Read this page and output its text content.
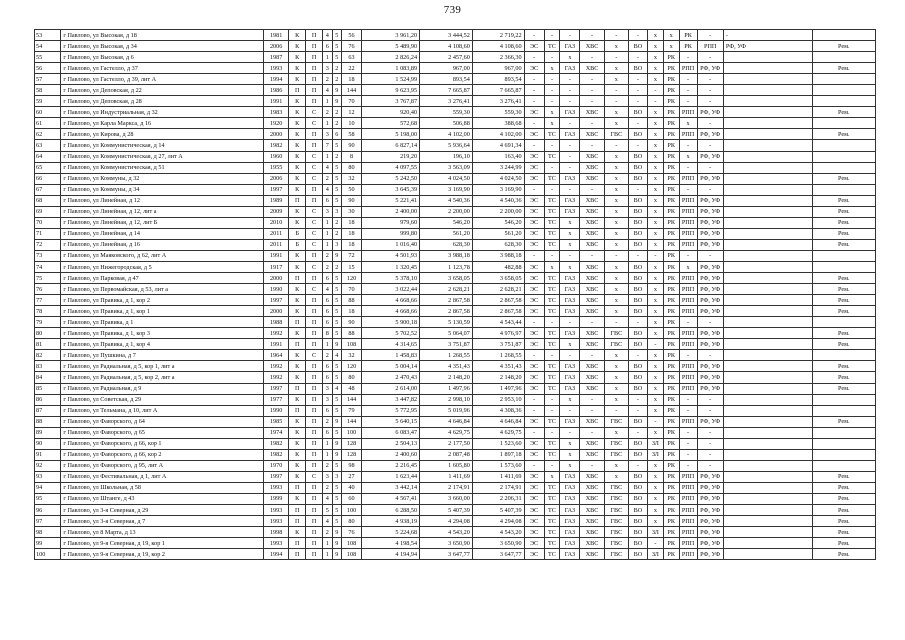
739
53	г Павлово, ул Высокая, д 18	1981	К	П	4	5	56	3 961,20	3 444,52	2 719,22	-	-	-	-	-	-	х	х	РК	-	-	
54	г Павлово, ул Высокая, д 34	2006	К	П	6	5	76	5 489,90	4 108,60	4 108,60	ЭС	ТС	ГАЗ	ХВС	х	ВО	х	х	РК	РПП	РФ, УФ	Рем.
55	г Павлово, ул Высокая, д 6	1987	К	П	1	5	63	2 826,24	2 457,60	2 366,30	-	-	х	-	-	-	х	РК	-	-		
56	г Павлово, ул Гастелло, д 37	1993	К	П	3	2	22	1 083,89	967,00	967,00	ЭС	х	ГАЗ	ХВС	х	ВО	х	РК	РПП	РФ, УФ		Рем.
57	г Павлово, ул Гастелло, д 39, лит А	1994	К	П	2	2	18	1 524,99	893,54	893,54	-	-	-	-	х	-	х	РК	-	-		
58	г Павлово, ул Деповская, д 22	1986	П	П	4	9	144	9 623,95	7 665,87	7 665,87	-	-	-	-	-	-	-	РК	-	-		
59	г Павлово, ул Деповская, д 28	1991	К	П	1	9	70	3 767,87	3 276,41	3 276,41	-	-	-	-	-	-	-	РК	-	-		
60	г Павлово, ул Индустриальная, д 32	1983	К	С	2	2	12	920,40	559,30	559,30	ЭС	х	ГАЗ	ХВС	х	ВО	х	РК	РПП	РФ, УФ		Рем.
61	г Павлово, ул Карла Маркса, д 16	1920	К	С	1	2	10	572,68	506,88	388,68	-	х	-	-	х	-	х	РК	х	-		
62	г Павлово, ул Кирова, д 28	2000	К	П	3	6	58	5 198,00	4 102,00	4 102,00	ЭС	ТС	ГАЗ	ХВС	ГВС	ВО	х	РК	РПП	РФ, УФ		Рем.
63	г Павлово, ул Коммунистическая, д 14	1982	К	П	7	5	90	6 827,14	5 936,64	4 691,34	-	-	-	-	-	-	х	РК	-	-		
64	г Павлово, ул Коммунистическая, д 27, лит А	1960	К	С	1	2	8	219,20	196,10	163,40	ЭС	ТС	-	ХВС	х	ВО	х	РК	х	РФ, УФ		
65	г Павлово, ул Коммунистическая, д 51	1955	К	С	4	5	80	4 097,55	3 563,09	3 244,99	ЭС	-	-	ХВС	х	ВО	х	РК	-	-		
66	г Павлово, ул Коммуны, д 32	2006	К	С	2	5	32	5 242,50	4 024,50	4 024,50	ЭС	ТС	ГАЗ	ХВС	х	ВО	х	РК	РПП	РФ, УФ		Рем.
67	г Павлово, ул Коммуны, д 34	1997	К	П	4	5	50	3 645,39	3 169,90	3 169,90	-	-	-	-	х	-	х	РК	-	-		
68	г Павлово, ул Линейная, д 12	1989	П	П	6	5	90	5 221,41	4 540,36	4 540,36	ЭС	ТС	ГАЗ	ХВС	х	ВО	х	РК	РПП	РФ, УФ		Рем.
69	г Павлово, ул Линейная, д 12, лит а	2009	К	С	3	3	30	2 400,00	2 200,00	2 200,00	ЭС	ТС	ГАЗ	ХВС	х	ВО	х	РК	РПП	РФ, УФ		Рем.
70	г Павлово, ул Линейная, д 12, лит Б	2010	К	С	1	2	18	979,60	546,20	546,20	ЭС	ТС	х	ХВС	х	ВО	х	РК	РПП	РФ, УФ		Рем.
71	г Павлово, ул Линейная, д 14	2011	Б	С	1	2	18	999,80	561,20	561,20	ЭС	ТС	х	ХВС	х	ВО	х	РК	РПП	РФ, УФ		Рем.
72	г Павлово, ул Линейная, д 16	2011	Б	С	1	3	18	1 016,40	628,30	628,30	ЭС	ТС	х	ХВС	х	ВО	х	РК	РПП	РФ, УФ		Рем.
73	г Павлово, ул Маяковского, д 62, лит А	1991	К	П	2	9	72	4 501,93	3 988,18	3 988,18	-	-	-	-	-	-	-	РК	-	-		
74	г Павлово, ул Нижегородская, д 5	1917	К	С	2	2	15	1 320,45	1 123,78	482,88	ЭС	х	х	ХВС	х	ВО	х	РК	х	РФ, УФ		
75	г Павлово, ул Парковая, д 47	2000	П	П	6	5	120	5 378,10	3 658,05	3 658,05	ЭС	ТС	ГАЗ	ХВС	х	ВО	х	РК	РПП	РФ, УФ		Рем.
76	г Павлово, ул Первомайская, д 53, лит а	1990	К	С	4	5	70	3 022,44	2 628,21	2 628,21	ЭС	ТС	ГАЗ	ХВС	х	ВО	х	РК	РПП	РФ, УФ		Рем.
77	г Павлово, ул Правика, д 1, кор 2	1997	К	П	6	5	88	4 668,66	2 867,58	2 867,58	ЭС	ТС	ГАЗ	ХВС	х	ВО	х	РК	РПП	РФ, УФ		Рем.
78	г Павлово, ул Правика, д 1, кор 1	2000	К	П	6	5	18	4 668,66	2 867,58	2 867,58	ЭС	ТС	ГАЗ	ХВС	х	ВО	х	РК	РПП	РФ, УФ		Рем.
79	г Павлово, ул Правика, д 1	1988	П	П	6	5	90	5 900,18	5 130,59	4 543,44	-	-	-	-	-	-	х	РК	-	-		
80	г Павлово, ул Правика, д 1, кор 3	1992	К	П	8	5	88	5 702,52	5 064,07	4 976,97	ЭС	ТС	ГАЗ	ХВС	ГВС	ВО	х	РК	РПП	РФ, УФ		Рем.
81	г Павлово, ул Правика, д 1, кор 4	1991	П	П	1	9	108	4 314,65	3 751,87	3 751,87	ЭС	ТС	х	ХВС	ГВС	ВО	-	РК	РПП	РФ, УФ		Рем.
82	г Павлово, ул Пушкина, д 7	1964	К	С	2	4	32	1 458,83	1 268,55	1 268,55	-	-	-	-	х	-	х	РК	-	-		
83	г Павлово, ул Радиальная, д 5, кор 1, лит а	1992	К	П	6	5	120	5 004,14	4 351,43	4 351,43	ЭС	ТС	ГАЗ	ХВС	х	ВО	х	РК	РПП	РФ, УФ		Рем.
84	г Павлово, ул Радиальная, д 5, кор 2, лит а	1992	К	П	6	5	80	2 470,43	2 148,20	2 148,20	ЭС	ТС	ГАЗ	ХВС	х	ВО	х	РК	РПП	РФ, УФ		Рем.
85	г Павлово, ул Радиальная, д 9	1997	П	П	3	4	48	2 614,00	1 497,96	1 497,96	ЭС	ТС	ГАЗ	ХВС	х	ВО	х	РК	РПП	РФ, УФ		Рем.
86	г Павлово, ул Советская, д 29	1977	К	П	3	5	144	3 447,82	2 998,10	2 953,10	-	-	х	-	х	-	х	РК	-	-		
87	г Павлово, ул Тельмана, д 10, лит А	1990	П	П	6	5	79	5 772,95	5 019,96	4 308,36	-	-	-	-	-	-	х	РК	-	-		
88	г Павлово, ул Фаворского, д 64	1985	К	П	2	9	144	5 640,15	4 646,84	4 646,84	ЭС	ТС	ГАЗ	ХВС	ГВС	ВО	-	РК	РПП	РФ, УФ		Рем.
89	г Павлово, ул Фаворского, д 65	1974	К	П	6	5	100	6 083,47	4 629,75	4 629,75	-	-	-	-	х	-	х	РК	-	-		
90	г Павлово, ул Фаворского, д 66, кор 1	1982	К	П	1	9	128	2 504,13	2 177,50	1 523,60	ЭС	ТС	х	ХВС	ГВС	ВО	ЗЛ	РК	-	-		
91	г Павлово, ул Фаворского, д 66, кор 2	1982	К	П	1	9	128	2 400,60	2 087,48	1 897,18	ЭС	ТС	х	ХВС	ГВС	ВО	ЗЛ	РК	-	-		
92	г Павлово, ул Фаворского, д 95, лит А	1970	К	П	2	5	98	2 216,45	1 605,80	1 573,60	-	-	х	-	х	-	х	РК	-	-		
93	г Павлово, ул Фестивальная, д 1, лит А	1997	К	С	3	3	27	1 623,44	1 411,69	1 411,69	ЭС	х	ГАЗ	ХВС	х	ВО	х	РК	РПП	РФ, УФ		Рем.
94	г Павлово, ул Школьная, д 58	1993	П	П	2	5	40	3 442,14	2 174,91	2 174,91	ЭС	ТС	ГАЗ	ХВС	ГВС	ВО	х	РК	РПП	РФ, УФ		Рем.
95	г Павлово, ул Штанге, д 43	1999	К	П	4	5	60	4 567,41	3 660,00	2 206,31	ЭС	ТС	ГАЗ	ХВС	ГВС	ВО	х	РК	РПП	РФ, УФ		Рем.
96	г Павлово, ул 3-я Северная, д 29	1993	П	П	5	5	100	6 288,50	5 407,39	5 407,39	ЭС	ТС	ГАЗ	ХВС	ГВС	ВО	х	РК	РПП	РФ, УФ		Рем.
97	г Павлово, ул 3-я Северная, д 7	1993	П	П	4	5	80	4 938,19	4 294,08	4 294,08	ЭС	ТС	ГАЗ	ХВС	ГВС	ВО	х	РК	РПП	РФ, УФ		Рем.
98	г Павлово, ул 8 Марта, д 13	1998	К	П	2	9	76	5 224,68	4 543,20	4 543,20	ЭС	ТС	ГАЗ	ХВС	ГВС	ВО	ЗЛ	РК	РПП	РФ, УФ		Рем.
99	г Павлово, ул 9-я Северная, д 19, кор 1	1993	П	П	1	9	108	4 198,54	3 650,90	3 650,90	ЭС	ТС	ГАЗ	ХВС	ГВС	ВО	-	РК	РПП	РФ, УФ		Рем.
100	г Павлово, ул 9-я Северная, д 19, кор 2	1994	П	П	1	9	108	4 194,94	3 647,77	3 647,77	ЭС	ТС	ГАЗ	ХВС	ГВС	ВО	ЗЛ	РК	РПП	РФ, УФ		Рем.
